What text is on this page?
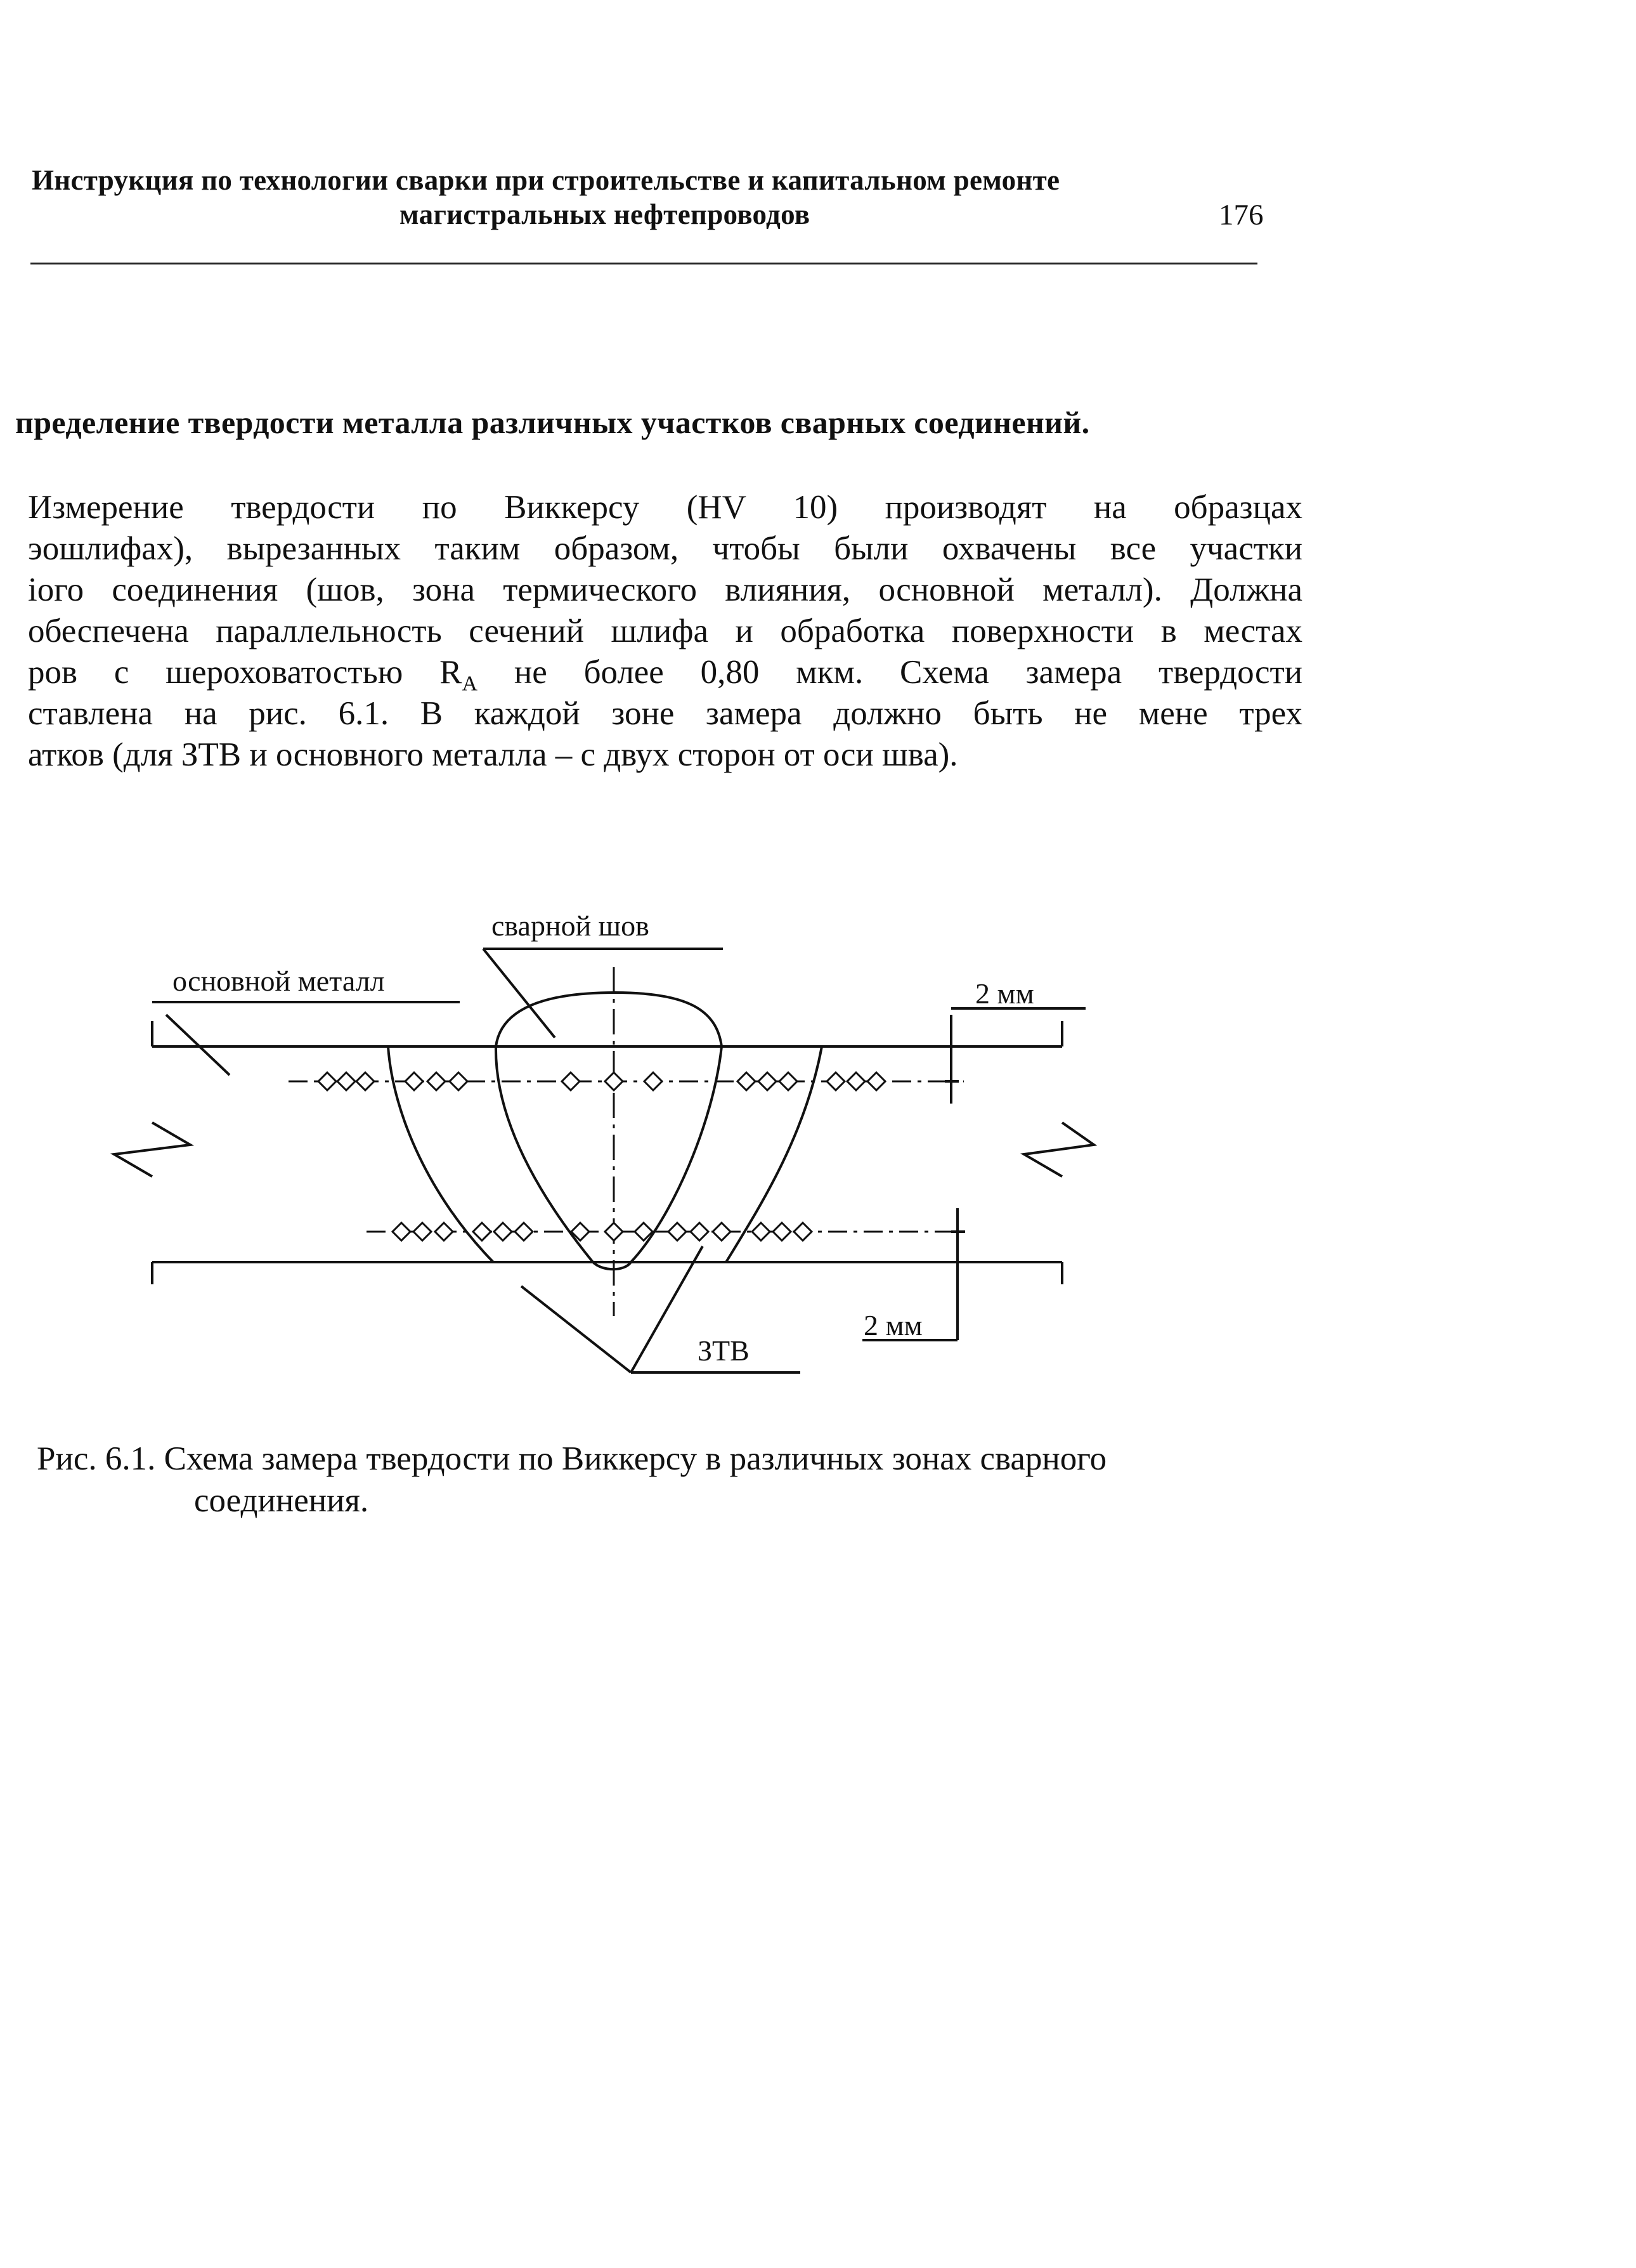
Инструкция по технологии сварки при строительстве и капитальном ремонте
магистральных нефтепроводов	176
пределение твердости металла различных участков сварных соединений.
Измерение твердости по Виккерсу (HV 10) производят на образцах
эошлифах), вырезанных таким образом, чтобы были охвачены все участки
іого соединения (шов, зона термического влияния, основной металл). Должна
обеспечена параллельность сечений шлифа и обработка поверхности в местах
ров с шероховатостью $R_A$ не более 0,80 мкм. Схема замера твердости
ставлена на рис. 6.1. В каждой зоне замера должно быть не мене трех
атков (для ЗТВ и основного металла – с двух сторон от оси шва).
сварной шов
основной металл
ЗТВ
2 мм
2 мм
Рис. 6.1. Схема замера твердости по Виккерсу в различных зонах сварного
соединения.
